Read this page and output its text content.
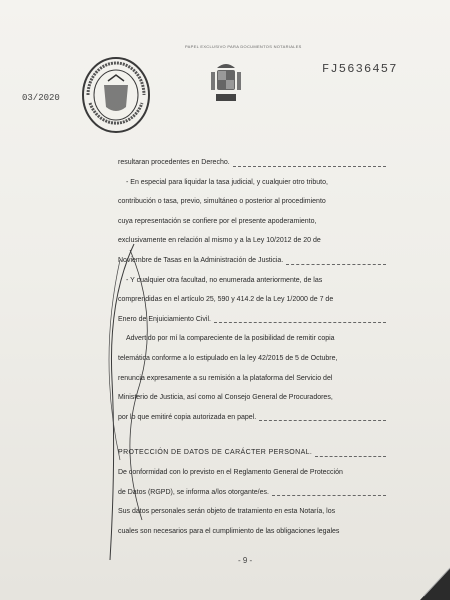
PAPEL EXCLUSIVO PARA DOCUMENTOS NOTARIALES
FJ5636457
03/2020
resultaran procedentes en Derecho.
- En especial para liquidar la tasa judicial, y cualquier otro tributo,
contribución o tasa, previo, simultáneo o posterior al procedimiento
cuya representación se confiere por el presente apoderamiento,
exclusivamente en relación al mismo y a la Ley 10/2012 de 20 de
Noviembre de Tasas en la Administración de Justicia.
- Y cualquier otra facultad, no enumerada anteriormente, de las
comprendidas en el artículo 25, 590 y 414.2 de la Ley 1/2000 de 7 de
Enero de Enjuiciamiento Civil.
Advertido por mí la compareciente de la posibilidad de remitir copia
telemática conforme a lo estipulado en la ley 42/2015 de 5 de Octubre,
renuncia expresamente a su remisión a la plataforma del Servicio del
Ministerio de Justicia, así como al Consejo General de Procuradores,
por lo que emitiré copia autorizada en papel.
PROTECCIÓN DE DATOS DE CARÁCTER PERSONAL.
De conformidad con lo previsto en el Reglamento General de Protección
de Datos (RGPD), se informa a/los otorgante/es.
Sus datos personales serán objeto de tratamiento en esta Notaría, los
cuales son necesarios para el cumplimiento de las obligaciones legales
- 9 -
